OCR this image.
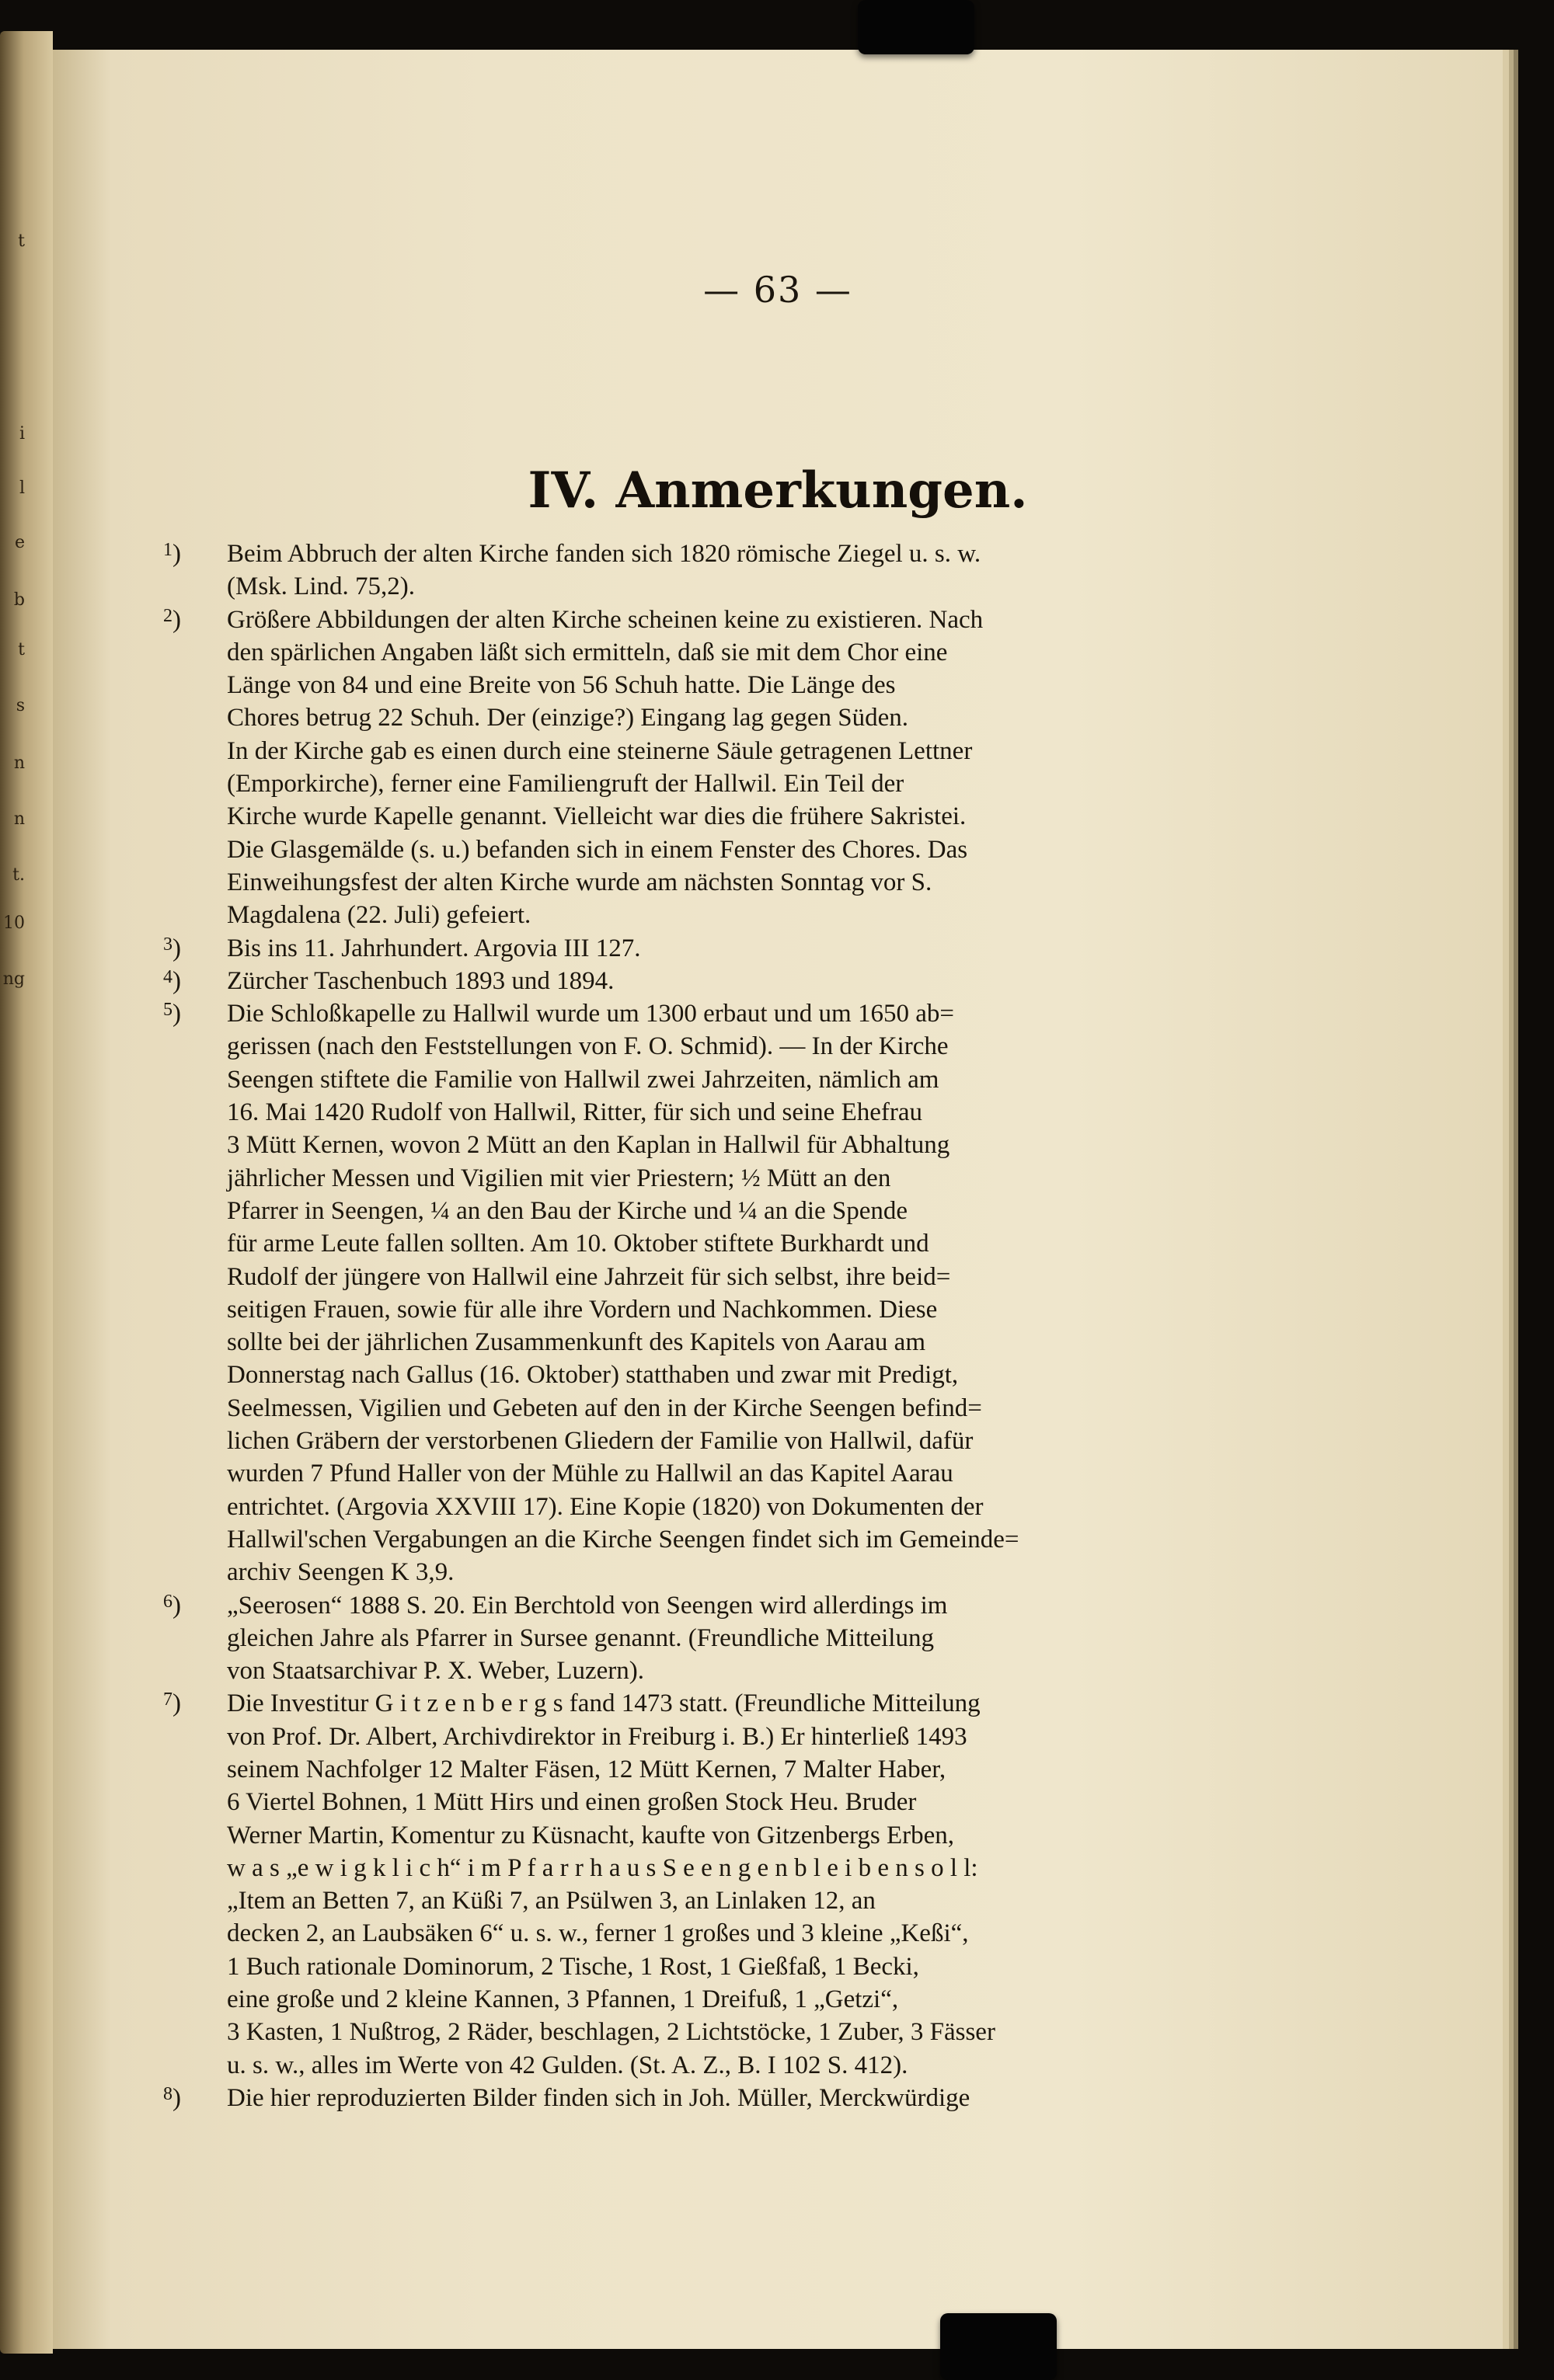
t
i
l
e
b
t
s
n
n
t.
10
ng
— 63 —
IV. Anmerkungen.
1 )	Beim Abbruch der alten Kirche fanden sich 1820 römische Ziegel u. s. w.
(Msk. Lind. 75,2).
2 )	Größere Abbildungen der alten Kirche scheinen keine zu existieren. Nach
den spärlichen Angaben läßt sich ermitteln, daß sie mit dem Chor eine
Länge von 84 und eine Breite von 56 Schuh hatte. Die Länge des
Chores betrug 22 Schuh. Der (einzige?) Eingang lag gegen Süden.
In der Kirche gab es einen durch eine steinerne Säule getragenen Lettner
(Emporkirche), ferner eine Familiengruft der Hallwil. Ein Teil der
Kirche wurde Kapelle genannt. Vielleicht war dies die frühere Sakristei.
Die Glasgemälde (s. u.) befanden sich in einem Fenster des Chores. Das
Einweihungsfest der alten Kirche wurde am nächsten Sonntag vor S.
Magdalena (22. Juli) gefeiert.
3 )	Bis ins 11. Jahrhundert. Argovia III 127.
4 )	Zürcher Taschenbuch 1893 und 1894.
5 )	Die Schloßkapelle zu Hallwil wurde um 1300 erbaut und um 1650 ab=
gerissen (nach den Feststellungen von F. O. Schmid). — In der Kirche
Seengen stiftete die Familie von Hallwil zwei Jahrzeiten, nämlich am
16. Mai 1420 Rudolf von Hallwil, Ritter, für sich und seine Ehefrau
3 Mütt Kernen, wovon 2 Mütt an den Kaplan in Hallwil für Abhaltung
jährlicher Messen und Vigilien mit vier Priestern; ½ Mütt an den
Pfarrer in Seengen, ¼ an den Bau der Kirche und ¼ an die Spende
für arme Leute fallen sollten. Am 10. Oktober stiftete Burkhardt und
Rudolf der jüngere von Hallwil eine Jahrzeit für sich selbst, ihre beid=
seitigen Frauen, sowie für alle ihre Vordern und Nachkommen. Diese
sollte bei der jährlichen Zusammenkunft des Kapitels von Aarau am
Donnerstag nach Gallus (16. Oktober) statthaben und zwar mit Predigt,
Seelmessen, Vigilien und Gebeten auf den in der Kirche Seengen befind=
lichen Gräbern der verstorbenen Gliedern der Familie von Hallwil, dafür
wurden 7 Pfund Haller von der Mühle zu Hallwil an das Kapitel Aarau
entrichtet. (Argovia XXVIII 17). Eine Kopie (1820) von Dokumenten der
Hallwil'schen Vergabungen an die Kirche Seengen findet sich im Gemeinde=
archiv Seengen K 3,9.
6 )	„Seerosen“ 1888 S. 20. Ein Berchtold von Seengen wird allerdings im
gleichen Jahre als Pfarrer in Sursee genannt. (Freundliche Mitteilung
von Staatsarchivar P. X. Weber, Luzern).
7 )	Die Investitur G i t z e n b e r g s fand 1473 statt. (Freundliche Mitteilung
von Prof. Dr. Albert, Archivdirektor in Freiburg i. B.) Er hinterließ 1493
seinem Nachfolger 12 Malter Fäsen, 12 Mütt Kernen, 7 Malter Haber,
6 Viertel Bohnen, 1 Mütt Hirs und einen großen Stock Heu. Bruder
Werner Martin, Komentur zu Küsnacht, kaufte von Gitzenbergs Erben,
w a s „e w i g k l i c h“ i m P f a r r h a u s S e e n g e n b l e i b e n s o l l:
„Item an Betten 7, an Küßi 7, an Psülwen 3, an Linlaken 12, an
decken 2, an Laubsäken 6“ u. s. w., ferner 1 großes und 3 kleine „Keßi“,
1 Buch rationale Dominorum, 2 Tische, 1 Rost, 1 Gießfaß, 1 Becki,
eine große und 2 kleine Kannen, 3 Pfannen, 1 Dreifuß, 1 „Getzi“,
3 Kasten, 1 Nußtrog, 2 Räder, beschlagen, 2 Lichtstöcke, 1 Zuber, 3 Fässer
u. s. w., alles im Werte von 42 Gulden. (St. A. Z., B. I 102 S. 412).
8 )	Die hier reproduzierten Bilder finden sich in Joh. Müller, Merckwürdige
